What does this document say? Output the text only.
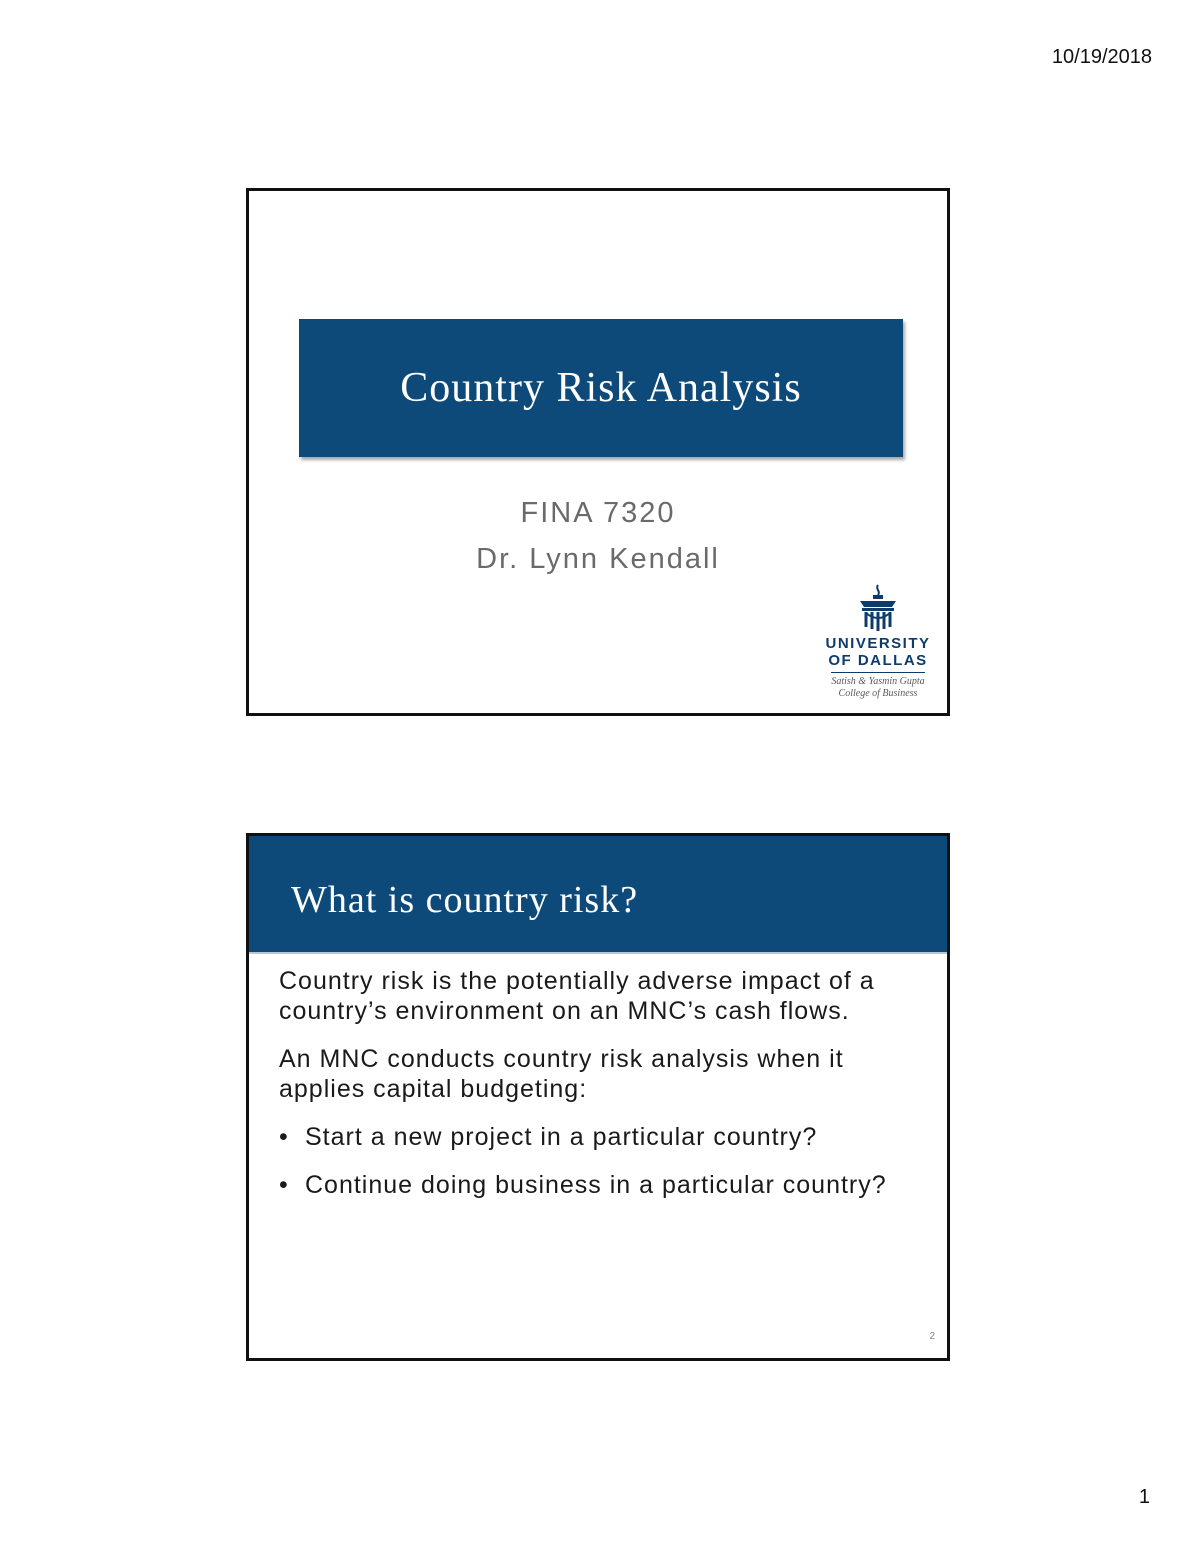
10/19/2018
Country Risk Analysis
FINA 7320
Dr. Lynn Kendall
UNIVERSITY
OF DALLAS
Satish & Yasmin Gupta
College of Business
What is country risk?

Country risk is the potentially adverse impact of a country’s environment on an MNC’s cash flows.

An MNC conducts country risk analysis when it applies capital budgeting:

• Start a new project in a particular country?
• Continue doing business in a particular country?
2
1
